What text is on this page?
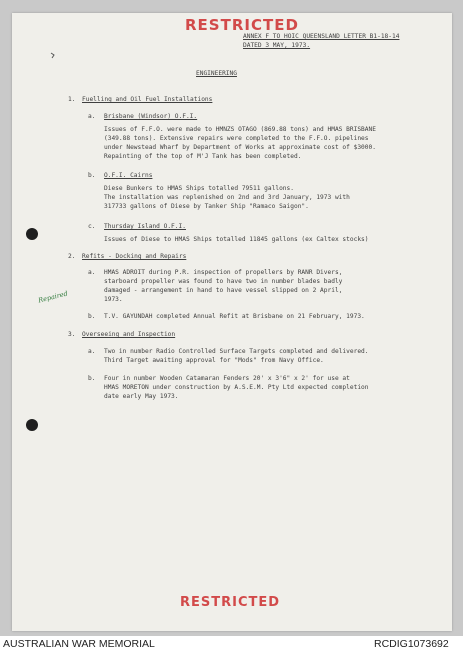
RESTRICTED
ANNEX F TO HOIC QUEENSLAND LETTER B1-18-14
DATED 3 MAY, 1973.
ENGINEERING
1. Fuelling and Oil Fuel Installations
a. Brisbane (Windsor) O.F.I.
Issues of F.F.O. were made to HMNZS OTAGO (869.88 tons) and HMAS BRISBANE
(349.88 tons). Extensive repairs were completed to the F.F.O. pipelines
under Newstead Wharf by Department of Works at approximate cost of $3000.
Repainting of the top of M'J Tank has been completed.
b. O.F.I. Cairns
Diese Bunkers to HMAS Ships totalled 79511 gallons.
The installation was replenished on 2nd and 3rd January, 1973 with
317733 gallons of Diese by Tanker Ship "Ramaco Saigon".
c. Thursday Island O.F.I.
Issues of Diese to HMAS Ships totalled 11845 gallons (ex Caltex stocks)
2. Refits - Docking and Repairs
a. HMAS ADROIT during P.R. inspection of propellers by RANR Divers,
starboard propeller was found to have two in number blades badly
damaged - arrangement in hand to have vessel slipped on 2 April,
1973.
Repaired
b. T.V. GAYUNDAH completed Annual Refit at Brisbane on 21 February, 1973.
3. Overseeing and Inspection
a. Two in number Radio Controlled Surface Targets completed and delivered.
Third Target awaiting approval for "Mods" from Navy Office.
b. Four in number Wooden Catamaran Fenders 20' x 3'6" x 2' for use at
HMAS MORETON under construction by A.S.E.M. Pty Ltd expected completion
date early May 1973.
RESTRICTED
AUSTRALIAN WAR MEMORIAL	RCDIG1073692
